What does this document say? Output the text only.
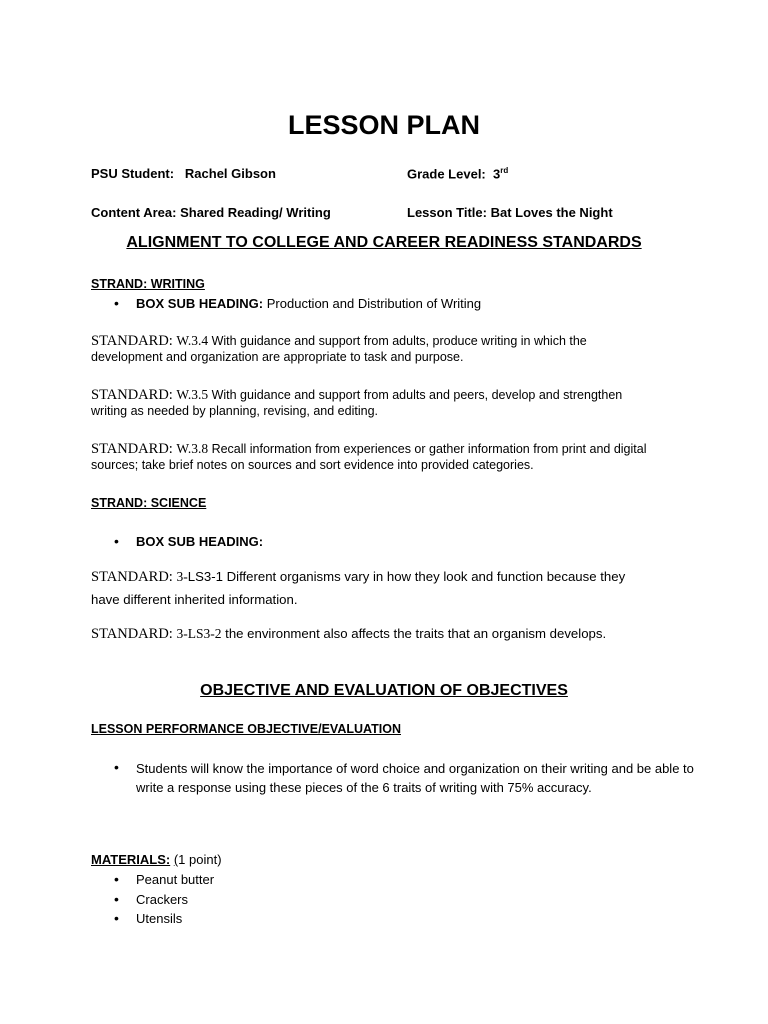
LESSON PLAN
PSU Student: Rachel Gibson	Grade Level: 3rd
Content Area: Shared Reading/ Writing	Lesson Title: Bat Loves the Night
ALIGNMENT TO COLLEGE AND CAREER READINESS STANDARDS
STRAND: WRITING
• BOX SUB HEADING: Production and Distribution of Writing
STANDARD: W.3.4 With guidance and support from adults, produce writing in which the
development and organization are appropriate to task and purpose.
STANDARD: W.3.5 With guidance and support from adults and peers, develop and strengthen
writing as needed by planning, revising, and editing.
STANDARD: W.3.8 Recall information from experiences or gather information from print and digital
sources; take brief notes on sources and sort evidence into provided categories.
STRAND: SCIENCE
• BOX SUB HEADING:
STANDARD: 3-LS3-1 Different organisms vary in how they look and function because they
have different inherited information.
STANDARD: 3-LS3-2 the environment also affects the traits that an organism develops.
OBJECTIVE AND EVALUATION OF OBJECTIVES
LESSON PERFORMANCE OBJECTIVE/EVALUATION
• Students will know the importance of word choice and organization on their writing and be able to write a response using these pieces of the 6 traits of writing with 75% accuracy.
MATERIALS: (1 point)
• Peanut butter
• Crackers
• Utensils
